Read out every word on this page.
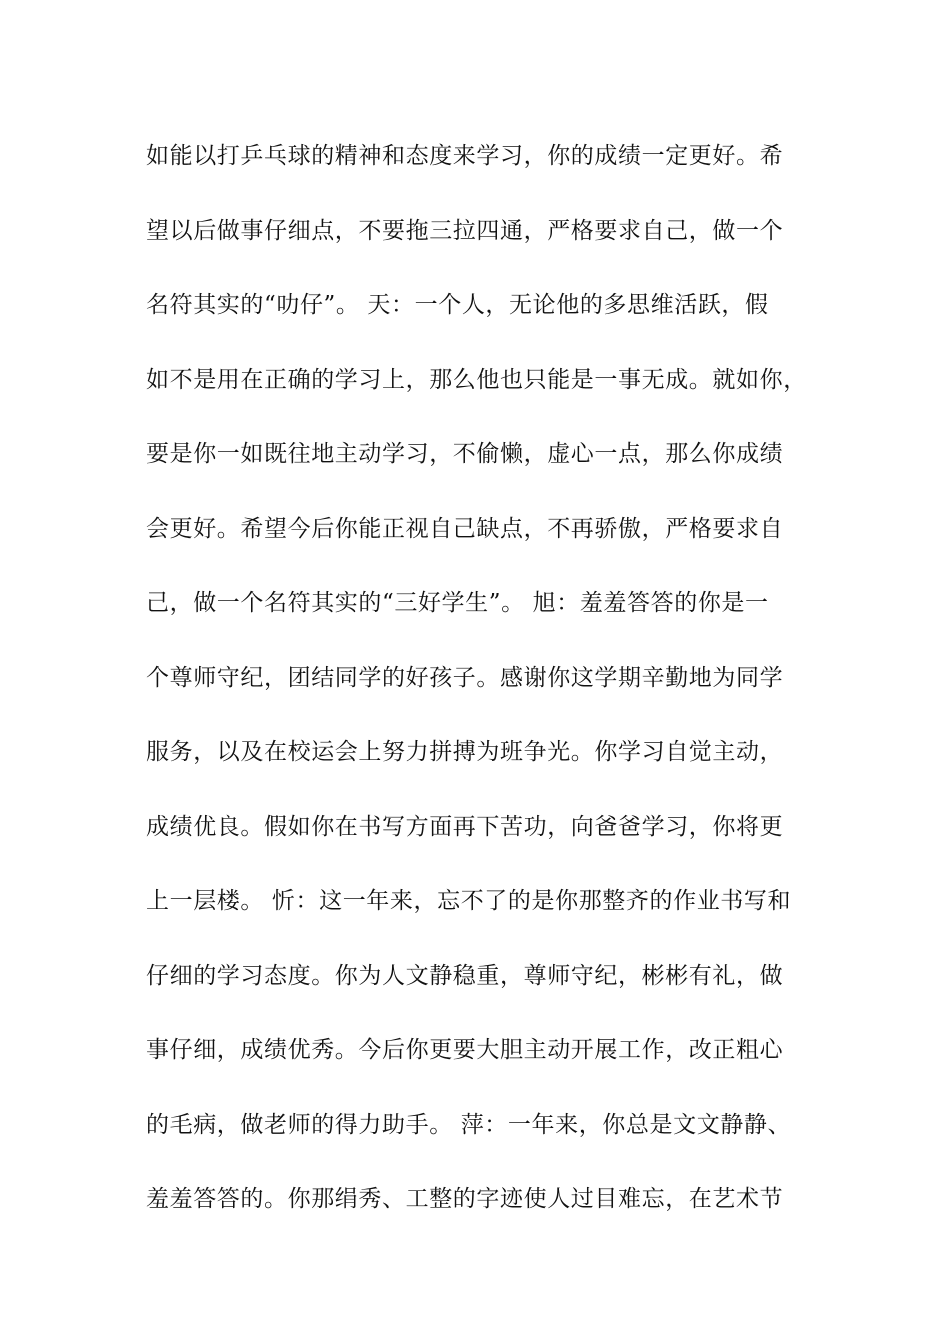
如能以打乒乓球的精神和态度来学习，你的成绩一定更好。希
望以后做事仔细点，不要拖三拉四通，严格要求自己，做一个
名符其实的“叻仔”。 天：一个人，无论他的多思维活跃，假
如不是用在正确的学习上，那么他也只能是一事无成。就如你，
要是你一如既往地主动学习，不偷懒，虚心一点，那么你成绩
会更好。希望今后你能正视自己缺点，不再骄傲，严格要求自
己，做一个名符其实的“三好学生”。 旭：羞羞答答的你是一
个尊师守纪，团结同学的好孩子。感谢你这学期辛勤地为同学
服务，以及在校运会上努力拼搏为班争光。你学习自觉主动，
成绩优良。假如你在书写方面再下苦功，向爸爸学习，你将更
上一层楼。 忻：这一年来，忘不了的是你那整齐的作业书写和
仔细的学习态度。你为人文静稳重，尊师守纪，彬彬有礼，做
事仔细，成绩优秀。今后你更要大胆主动开展工作，改正粗心
的毛病，做老师的得力助手。 萍：一年来，你总是文文静静、
羞羞答答的。你那绢秀、工整的字迹使人过目难忘，在艺术节
